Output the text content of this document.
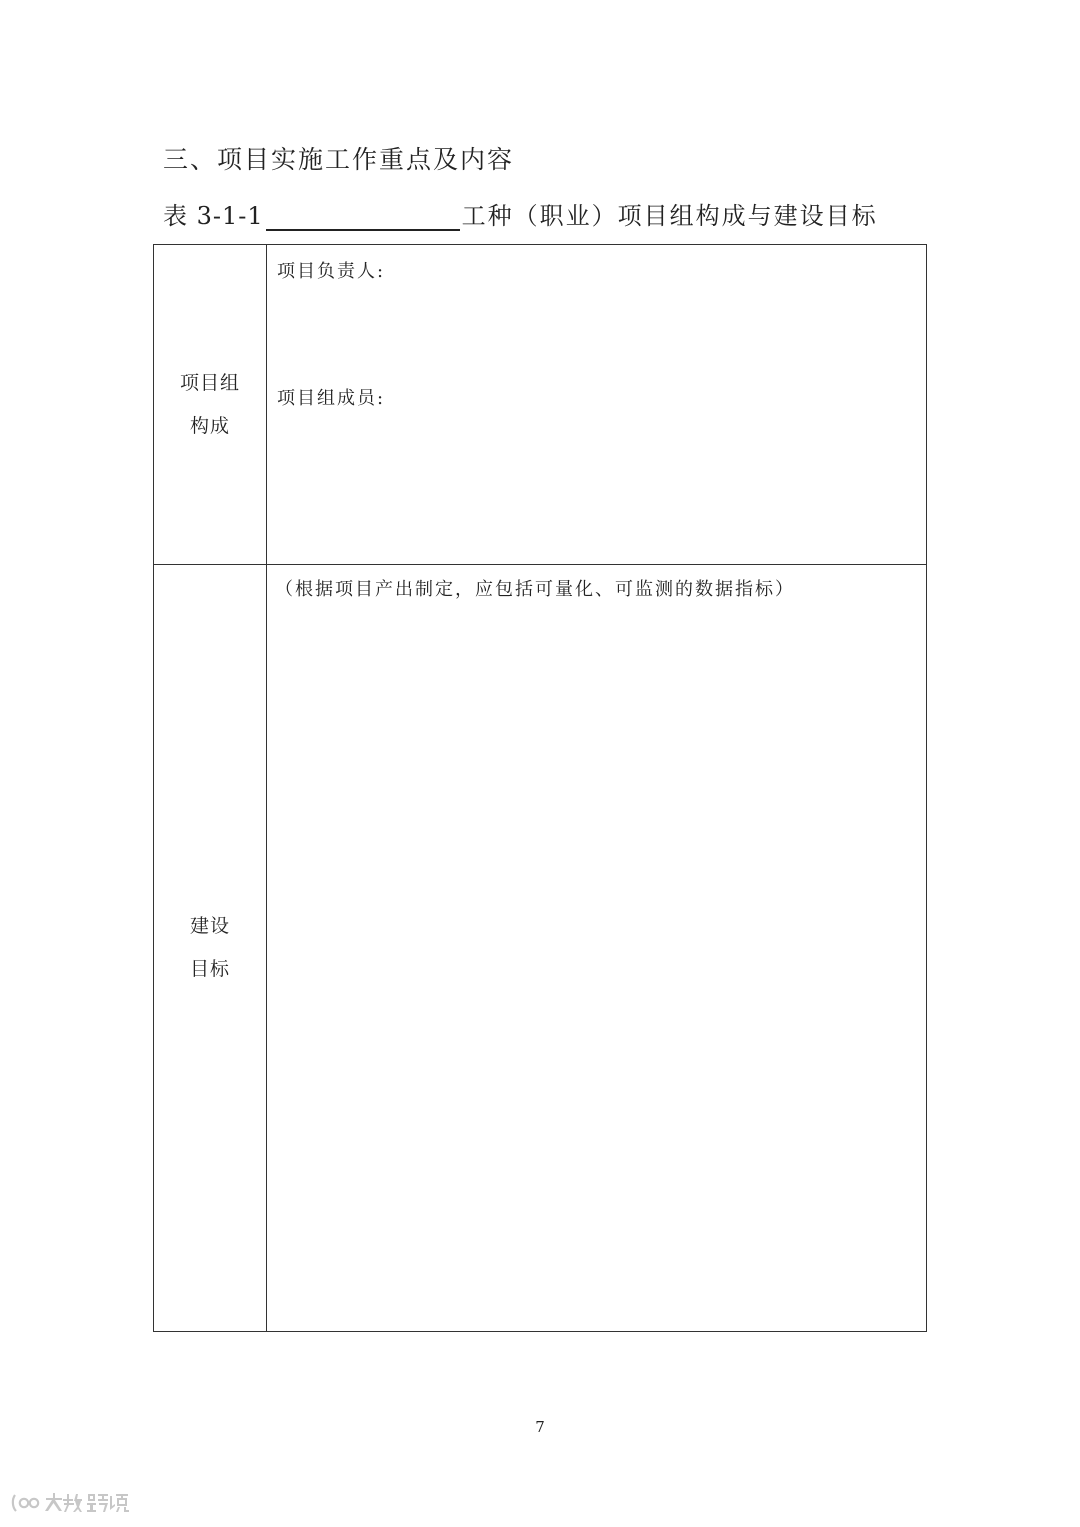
三、项目实施工作重点及内容
表 3-1-1	工种（职业）项目组构成与建设目标
项目组
构成
项目负责人:
项目组成员:
建设
目标
（根据项目产出制定，应包括可量化、可监测的数据指标）
7
